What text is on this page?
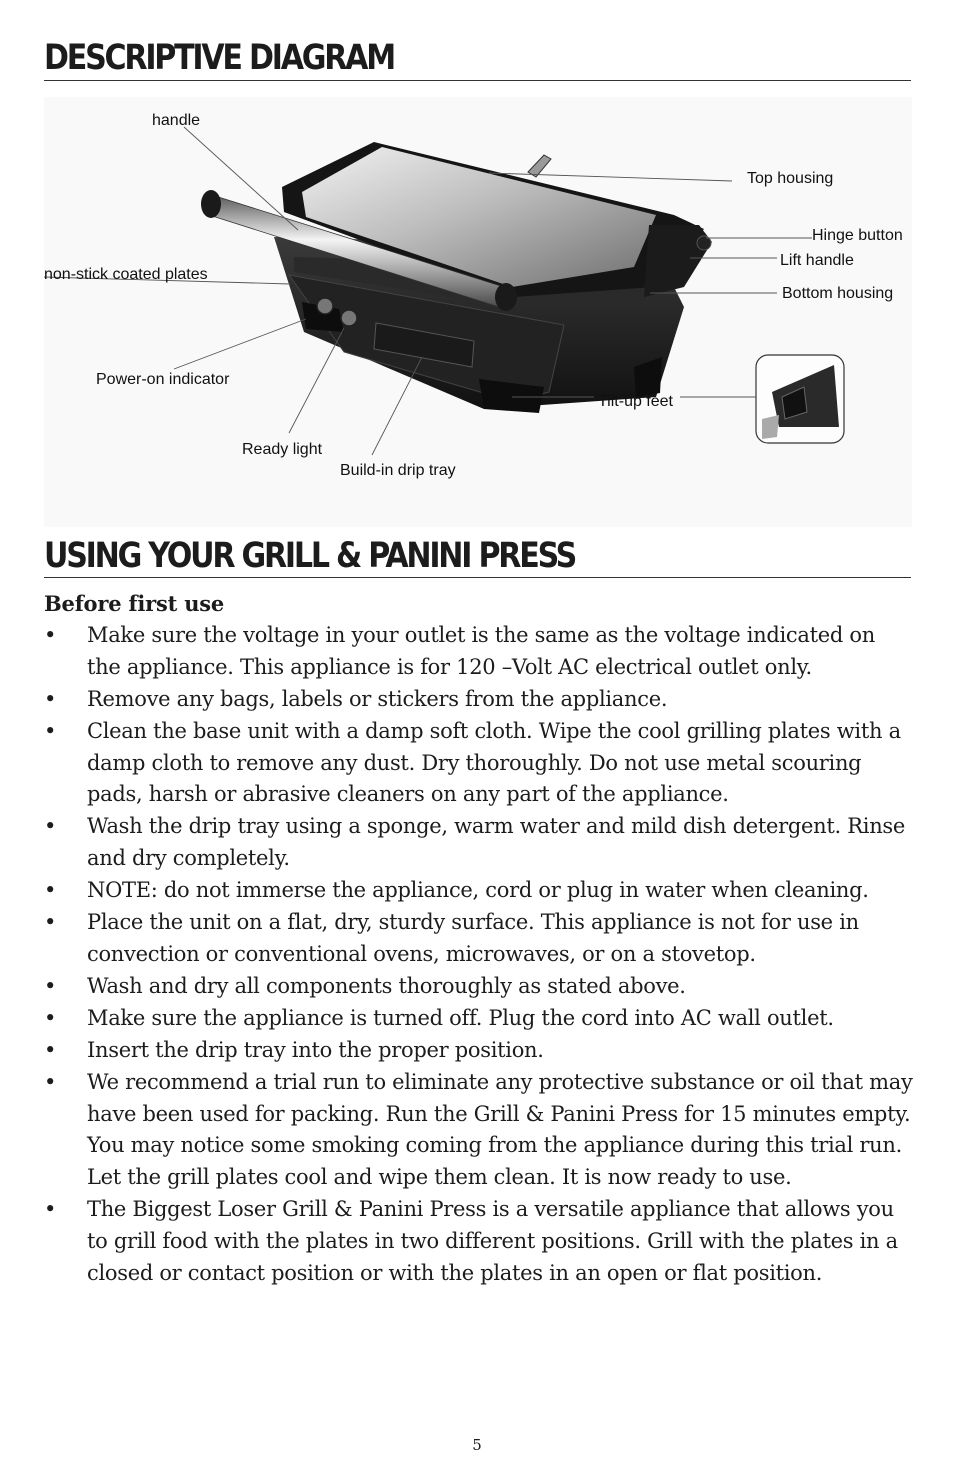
DESCRIPTIVE DIAGRAM
handle
Top housing
Hinge button
Lift handle
non-stick coated plates
Bottom housing
Power-on indicator
Tilt-up feet
Ready light
Build-in drip tray
USING YOUR GRILL & PANINI PRESS

Before first use

• Make sure the voltage in your outlet is the same as the voltage indicated on the appliance. This appliance is for 120 –Volt AC electrical outlet only.
• Remove any bags, labels or stickers from the appliance.
• Clean the base unit with a damp soft cloth. Wipe the cool grilling plates with a damp cloth to remove any dust. Dry thoroughly. Do not use metal scouring pads, harsh or abrasive cleaners on any part of the appliance.
• Wash the drip tray using a sponge, warm water and mild dish detergent. Rinse and dry completely.
• NOTE: do not immerse the appliance, cord or plug in water when cleaning.
• Place the unit on a flat, dry, sturdy surface. This appliance is not for use in convection or conventional ovens, microwaves, or on a stovetop.
• Wash and dry all components thoroughly as stated above.
• Make sure the appliance is turned off. Plug the cord into AC wall outlet.
• Insert the drip tray into the proper position.
• We recommend a trial run to eliminate any protective substance or oil that may have been used for packing. Run the Grill & Panini Press for 15 minutes empty. You may notice some smoking coming from the appliance during this trial run. Let the grill plates cool and wipe them clean. It is now ready to use.
• The Biggest Loser Grill & Panini Press is a versatile appliance that allows you to grill food with the plates in two different positions. Grill with the plates in a closed or contact position or with the plates in an open or flat position.
5
